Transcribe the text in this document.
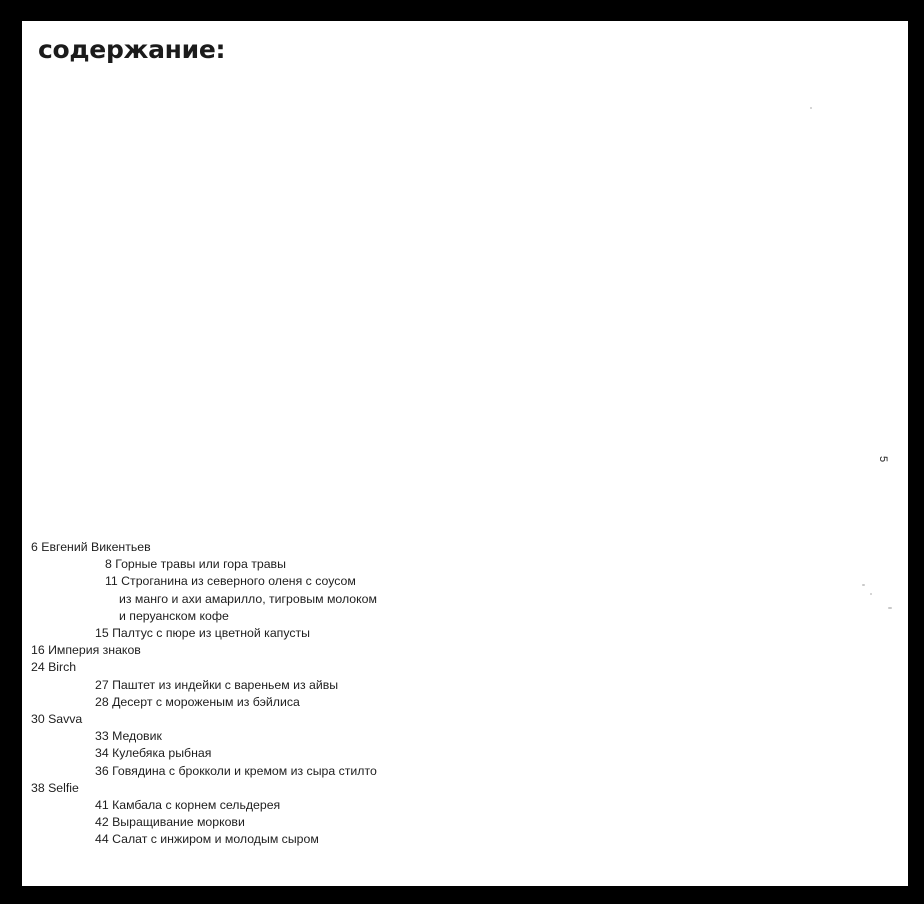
содержание:
5
6 Евгений Викентьев
8 Горные травы или гора травы
11 Строганина из северного оленя с соусом
из манго и ахи амарилло, тигровым молоком
и перуанском кофе
15 Палтус с пюре из цветной капусты
16 Империя знаков
24 Birch
27 Паштет из индейки с вареньем из айвы
28 Десерт с мороженым из бэйлиса
30 Savva
33 Медовик
34 Кулебяка рыбная
36 Говядина с брокколи и кремом из сыра стилто
38 Selfie
41 Камбала с корнем сельдерея
42 Выращивание моркови
44 Салат с инжиром и молодым сыром
